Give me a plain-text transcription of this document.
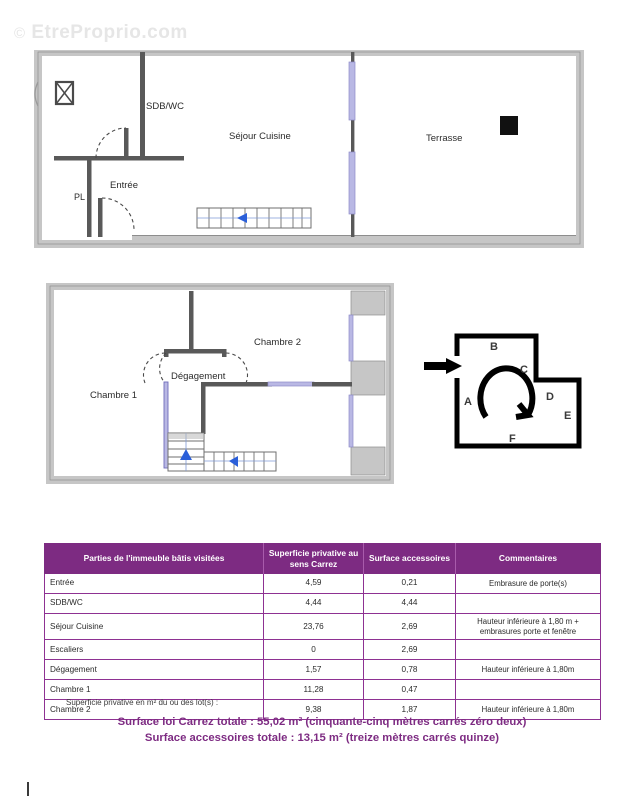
© EtreProprio.com
SDB/WC
Séjour Cuisine	Terrasse
PL
Entrée
Chambre 2
Dégagement
Chambre 1
B
C
A	D
E
F
Parties de l'immeuble bâtis visitées	Superficie privative au sens Carrez	Surface accessoires	Commentaires
Entrée	4,59	0,21	Embrasure de porte(s)
SDB/WC	4,44	4,44	
Séjour Cuisine	23,76	2,69	Hauteur inférieure à 1,80 m + embrasures porte et fenêtre
Escaliers	0	2,69	
Dégagement	1,57	0,78	Hauteur inférieure à 1,80m
Chambre 1	11,28	0,47	
Chambre 2	9,38	1,87	Hauteur inférieure à 1,80m
Superficie privative en m² du ou des lot(s) :
Surface loi Carrez totale : 55,02 m² (cinquante-cinq mètres carrés zéro deux)
Surface accessoires totale : 13,15 m² (treize mètres carrés quinze)
